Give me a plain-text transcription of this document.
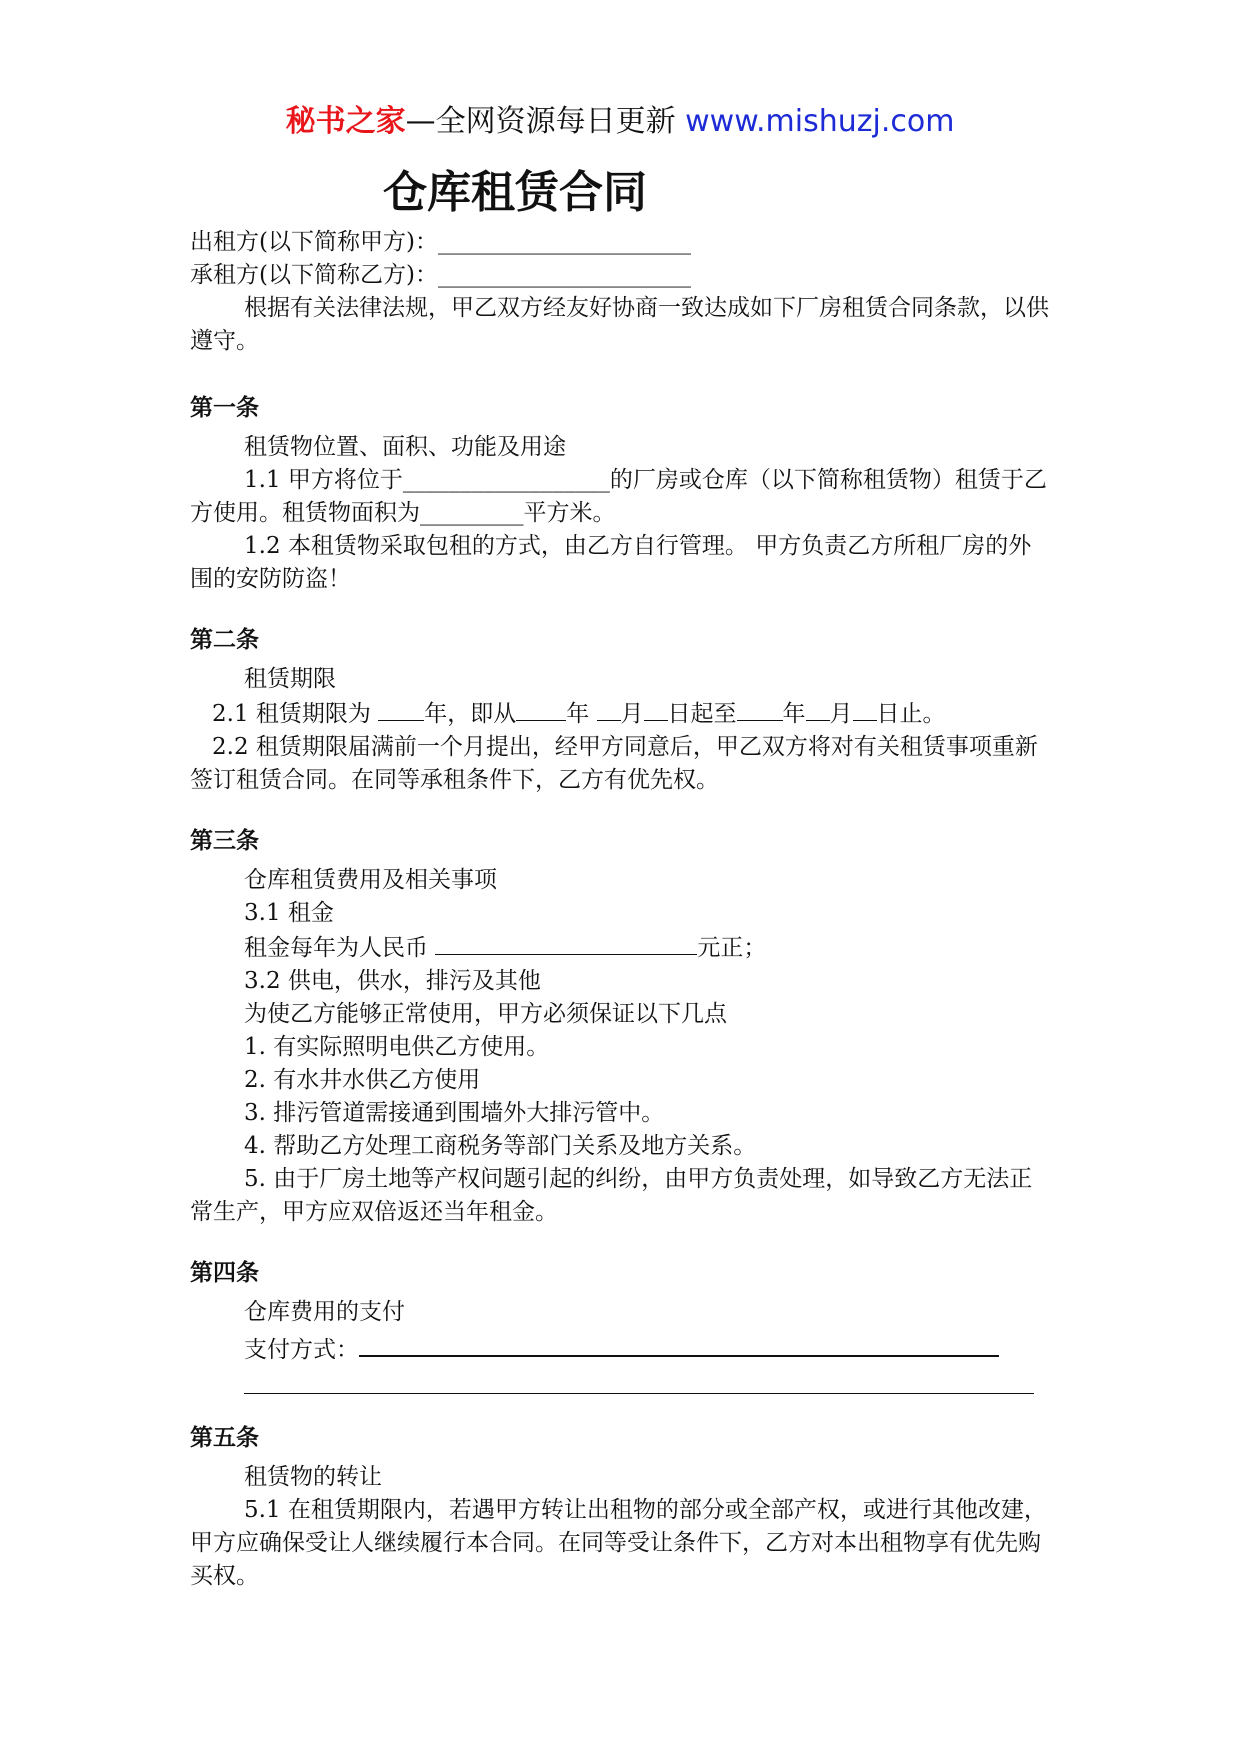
秘书之家—全网资源每日更新 www.mishuzj.com
仓库租赁合同

出租方(以下简称甲方)：______________________

承租方(以下简称乙方)：______________________

根据有关法律法规，甲乙双方经友好协商一致达成如下厂房租赁合同条款，以供遵守。

第一条

租赁物位置、面积、功能及用途

1.1 甲方将位于__________________的厂房或仓库（以下简称租赁物）租赁于乙方使用。租赁物面积为_________平方米。

1.2 本租赁物采取包租的方式，由乙方自行管理。 甲方负责乙方所租厂房的外围的安防防盗！

第二条

租赁期限

2.1 租赁期限为 年，即从 年 月 日起至 年 月 日止。

2.2 租赁期限届满前一个月提出，经甲方同意后，甲乙双方将对有关租赁事项重新签订租赁合同。在同等承租条件下，乙方有优先权。

第三条

仓库租赁费用及相关事项

3.1 租金

租金每年为人民币	元正；

3.2 供电，供水，排污及其他

为使乙方能够正常使用，甲方必须保证以下几点

1. 有实际照明电供乙方使用。

2. 有水井水供乙方使用

3. 排污管道需接通到围墙外大排污管中。

4. 帮助乙方处理工商税务等部门关系及地方关系。

5. 由于厂房土地等产权问题引起的纠纷，由甲方负责处理，如导致乙方无法正常生产，甲方应双倍返还当年租金。

第四条

仓库费用的支付

支付方式：

第五条

租赁物的转让

5.1 在租赁期限内，若遇甲方转让出租物的部分或全部产权，或进行其他改建，甲方应确保受让人继续履行本合同。在同等受让条件下，乙方对本出租物享有优先购买权。
